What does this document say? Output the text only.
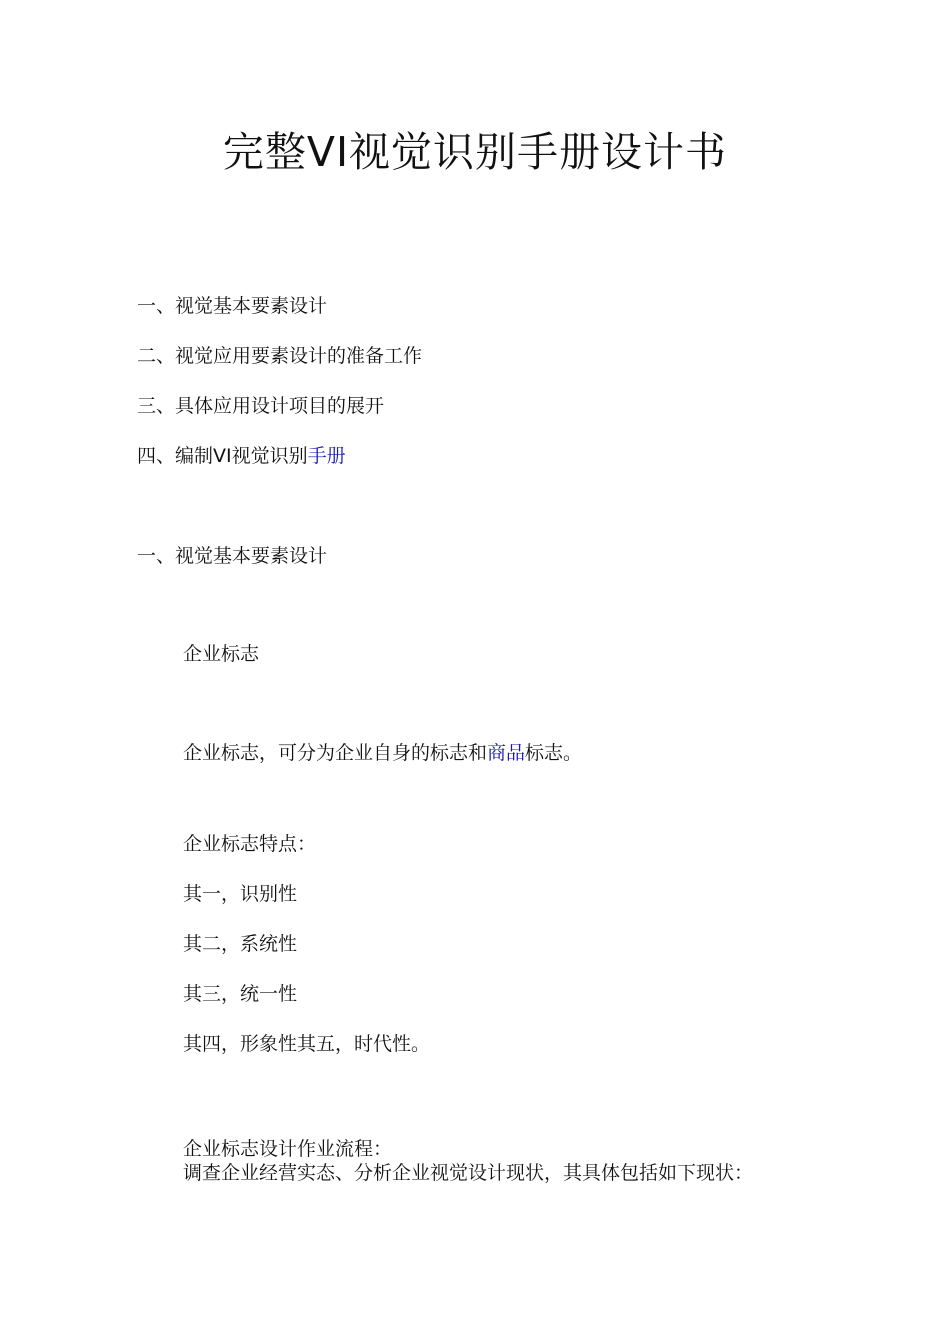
完整VI视觉识别手册设计书

一、视觉基本要素设计

二、视觉应用要素设计的准备工作

三、具体应用设计项目的展开

四、编制VI视觉识别手册

一、视觉基本要素设计

企业标志

企业标志，可分为企业自身的标志和商品标志。

企业标志特点：

其一，识别性

其二，系统性

其三，统一性

其四，形象性其五，时代性。

企业标志设计作业流程：

调查企业经营实态、分析企业视觉设计现状，其具体包括如下现状：
